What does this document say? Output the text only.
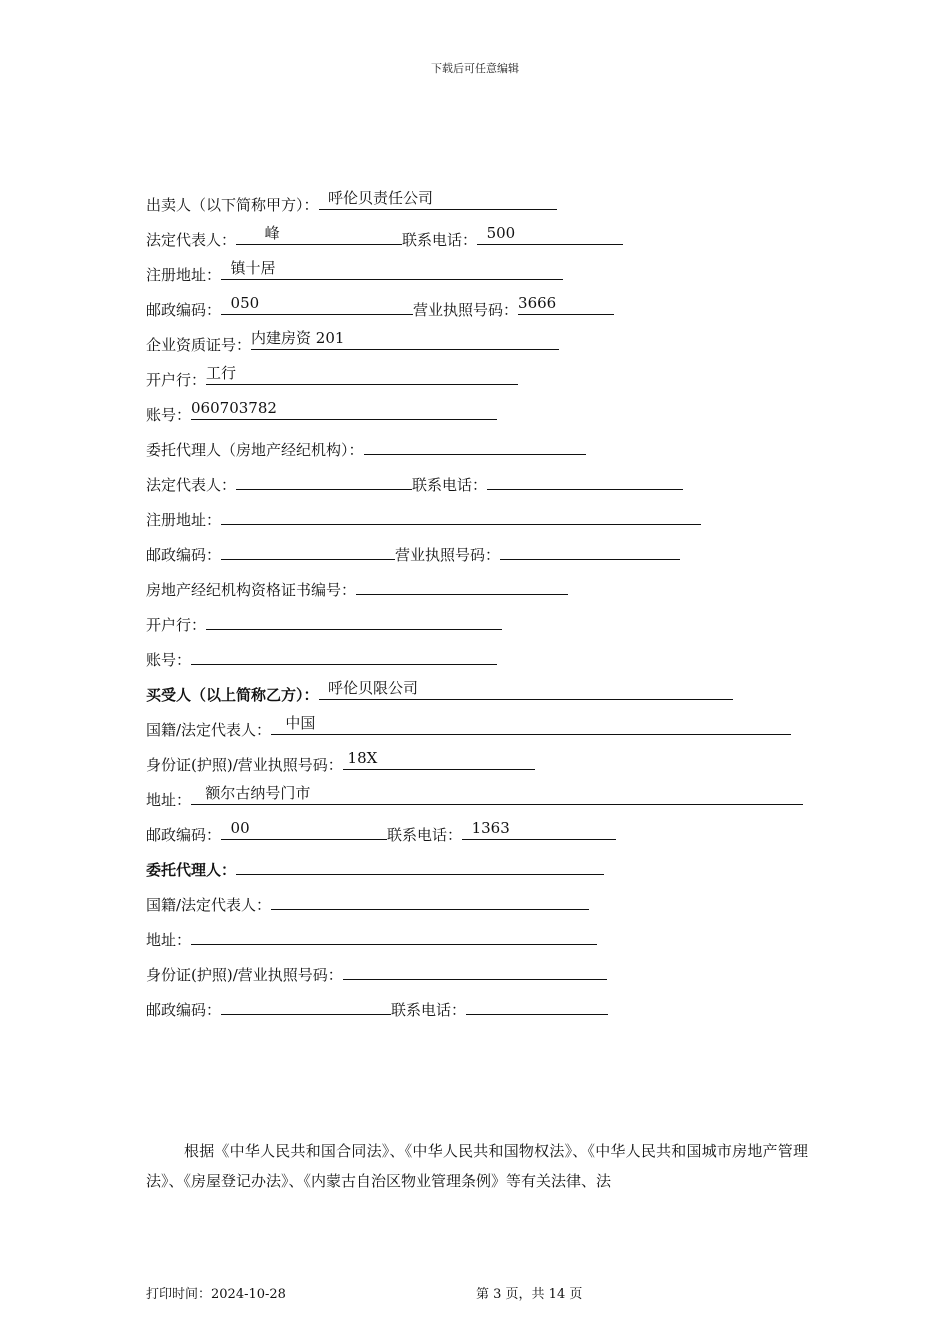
下载后可任意编辑
出卖人（以下简称甲方）：  呼伦贝责任公司
法定代表人：      峰	联系电话：  500
注册地址：  镇十居
邮政编码：  050	营业执照号码：3666
企业资质证号：内建房资 201
开户行：工行
账号：060703782
委托代理人（房地产经纪机构）：
法定代表人：	联系电话：
注册地址：
邮政编码：	营业执照号码：
房地产经纪机构资格证书编号：
开户行：
账号：
买受人（以上简称乙方）：  呼伦贝限公司
国籍/法定代表人：   中国
身份证(护照)/营业执照号码： 18X
地址：   额尔古纳号门市
邮政编码：  00	联系电话：  1363
委托代理人：
国籍/法定代表人：
地址：
身份证(护照)/营业执照号码：
邮政编码：	联系电话：
根据《中华人民共和国合同法》、《中华人民共和国物权法》、《中华人民共和国城市房地产管理法》、《房屋登记办法》、《内蒙古自治区物业管理条例》等有关法律、法
打印时间：2024-10-28	第 3 页，共 14 页
